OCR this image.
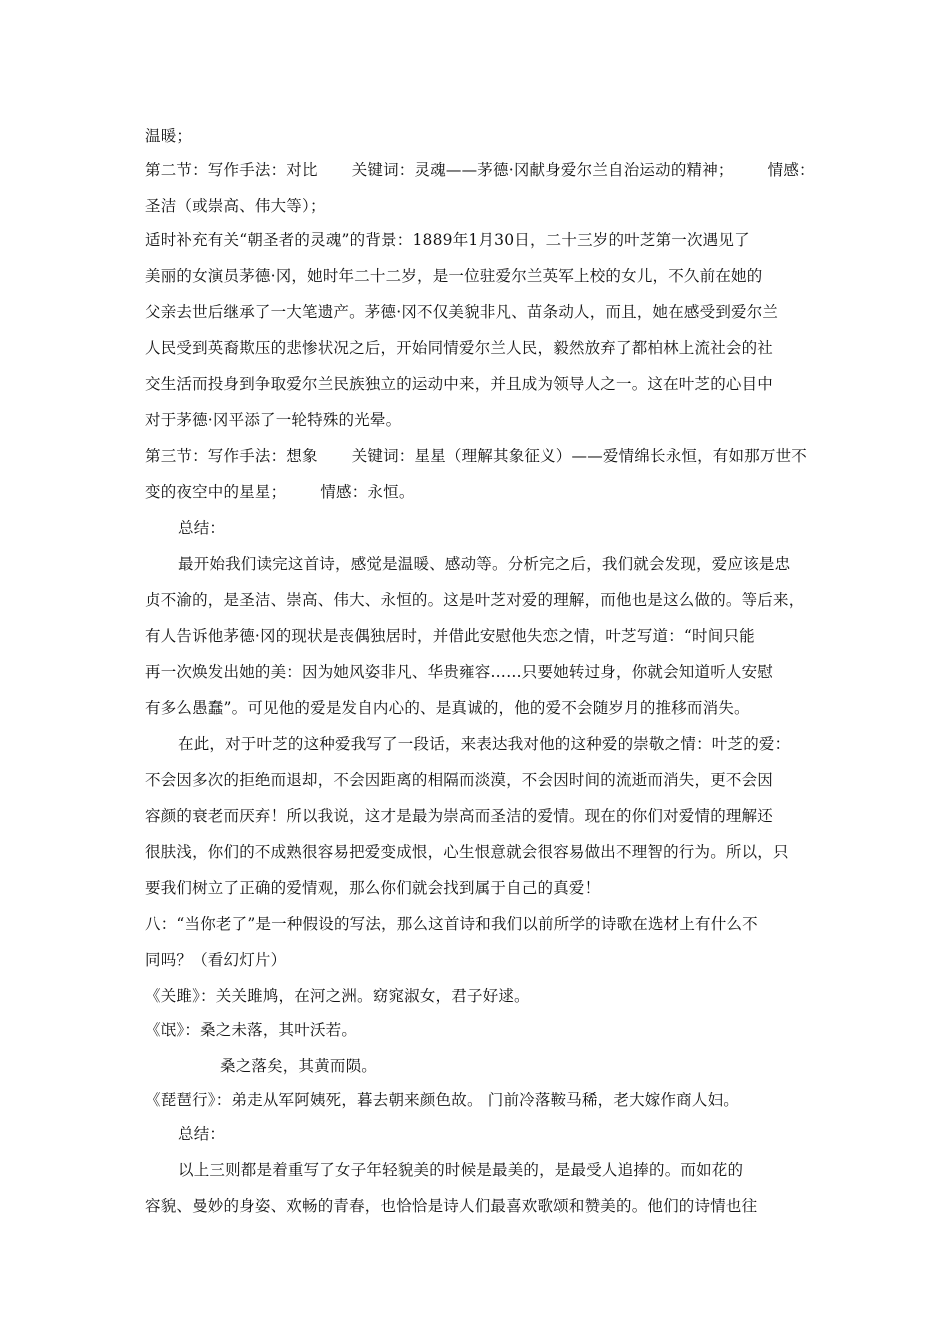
温暖；
第二节：写作手法：对比 关键词：灵魂——茅德·冈献身爱尔兰自治运动的精神； 情感：
圣洁（或崇高、伟大等）；
适时补充有关“朝圣者的灵魂”的背景：1889年1月30日，二十三岁的叶芝第一次遇见了
美丽的女演员茅德·冈，她时年二十二岁，是一位驻爱尔兰英军上校的女儿，不久前在她的
父亲去世后继承了一大笔遗产。茅德·冈不仅美貌非凡、苗条动人，而且，她在感受到爱尔兰
人民受到英裔欺压的悲惨状况之后，开始同情爱尔兰人民，毅然放弃了都柏林上流社会的社
交生活而投身到争取爱尔兰民族独立的运动中来，并且成为领导人之一。这在叶芝的心目中
对于茅德·冈平添了一轮特殊的光晕。
第三节：写作手法：想象 关键词：星星（理解其象征义）——爱情绵长永恒，有如那万世不
变的夜空中的星星； 情感：永恒。
总结：
最开始我们读完这首诗，感觉是温暖、感动等。分析完之后，我们就会发现，爱应该是忠
贞不渝的，是圣洁、崇高、伟大、永恒的。这是叶芝对爱的理解，而他也是这么做的。等后来，
有人告诉他茅德·冈的现状是丧偶独居时，并借此安慰他失恋之情，叶芝写道：“时间只能
再一次焕发出她的美：因为她风姿非凡、华贵雍容……只要她转过身，你就会知道听人安慰
有多么愚蠢”。可见他的爱是发自内心的、是真诚的，他的爱不会随岁月的推移而消失。
在此，对于叶芝的这种爱我写了一段话，来表达我对他的这种爱的崇敬之情：叶芝的爱：
不会因多次的拒绝而退却，不会因距离的相隔而淡漠，不会因时间的流逝而消失，更不会因
容颜的衰老而厌弃！所以我说，这才是最为崇高而圣洁的爱情。现在的你们对爱情的理解还
很肤浅，你们的不成熟很容易把爱变成恨，心生恨意就会很容易做出不理智的行为。所以，只
要我们树立了正确的爱情观，那么你们就会找到属于自己的真爱！
八：“当你老了”是一种假设的写法，那么这首诗和我们以前所学的诗歌在选材上有什么不
同吗？（看幻灯片）
《关雎》：关关雎鸠，在河之洲。窈窕淑女，君子好逑。
《氓》：桑之未落，其叶沃若。
桑之落矣，其黄而陨。
《琵琶行》：弟走从军阿姨死，暮去朝来颜色故。 门前冷落鞍马稀，老大嫁作商人妇。
总结：
以上三则都是着重写了女子年轻貌美的时候是最美的，是最受人追捧的。而如花的
容貌、曼妙的身姿、欢畅的青春，也恰恰是诗人们最喜欢歌颂和赞美的。他们的诗情也往
